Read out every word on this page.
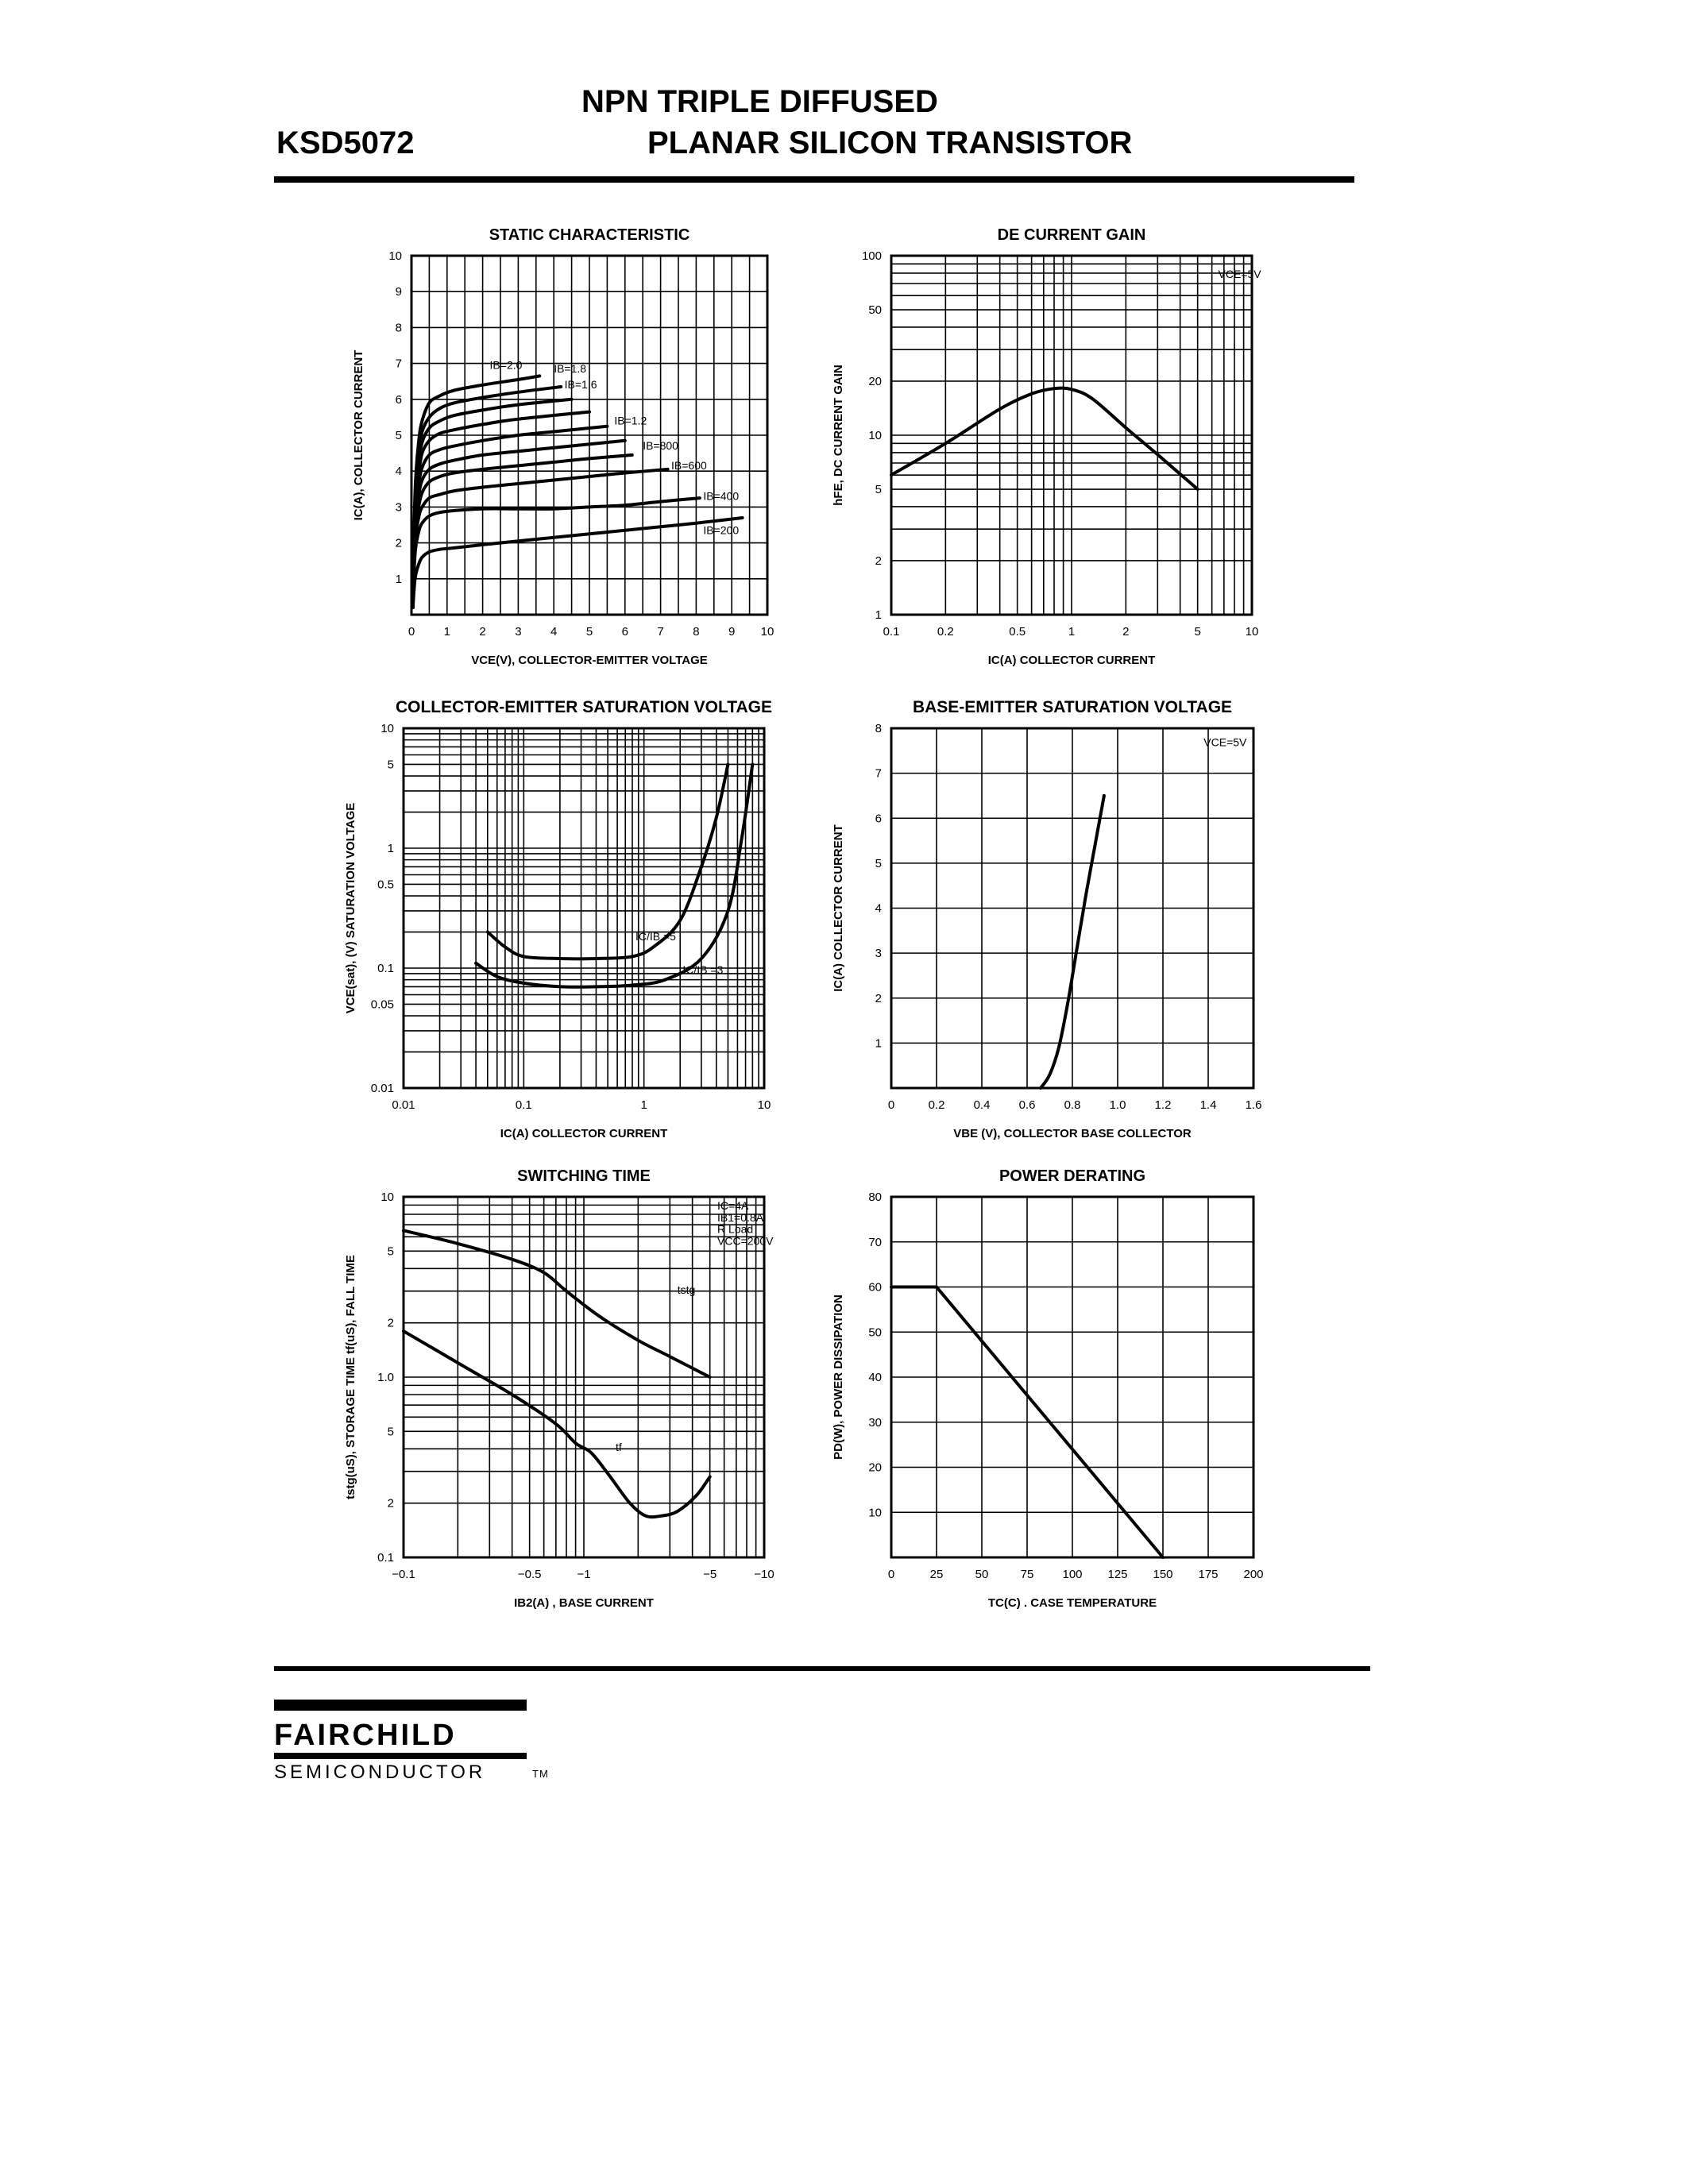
KSD5072
NPN TRIPLE DIFFUSED
PLANAR SILICON TRANSISTOR
0 1 2 3 4 5 6 7 8 9 10
1
2
3
4
5
6
7
8
9
10
STATIC CHARACTERISTIC
VCE(V), COLLECTOR-EMITTER VOLTAGE
IC(A), COLLECTOR CURRENT	IB=2.0	IB=1.8
IB=1.6
IB=1.2
IB=800
IB=600
IB=400
IB=200
0.1	0.2	0.5	1	2	5	10
1
2
5
10
20
50
100
DE CURRENT GAIN
IC(A) COLLECTOR CURRENT
hFE, DC CURRENT GAIN
VCE=5V
0.01	0.1	1	10
0.01
0.05
0.1
0.5
1
5
10
COLLECTOR-EMITTER SATURATION VOLTAGE
IC(A) COLLECTOR CURRENT
VCE(sat), (V) SATURATION VOLTAGE	IC/IB =5
IC/IB =3
0	0.2 0.4 0.6 0.8 1.0 1.2 1.4 1.6
1
2
3
4
5
6
7
8
BASE-EMITTER SATURATION VOLTAGE
VBE (V), COLLECTOR BASE COLLECTOR
IC(A) COLLECTOR CURRENT
VCE=5V
−0.1	−0.5	−1	−5	−10
0.1
2
5
1.0
2
5
10
SWITCHING TIME
IB2(A) , BASE CURRENT
tstg(uS), STORAGE TIME tf(uS), FALL TIME
IC=4A
IB1=0.8A
R Load
VCC=200V
tstg
tf
0	25	50	75 100 125 150 175 200
10
20
30
40
50
60
70
80
POWER DERATING
TC(C) . CASE TEMPERATURE
PD(W), POWER DISSIPATION
FAIRCHILD
SEMICONDUCTOR	TM
